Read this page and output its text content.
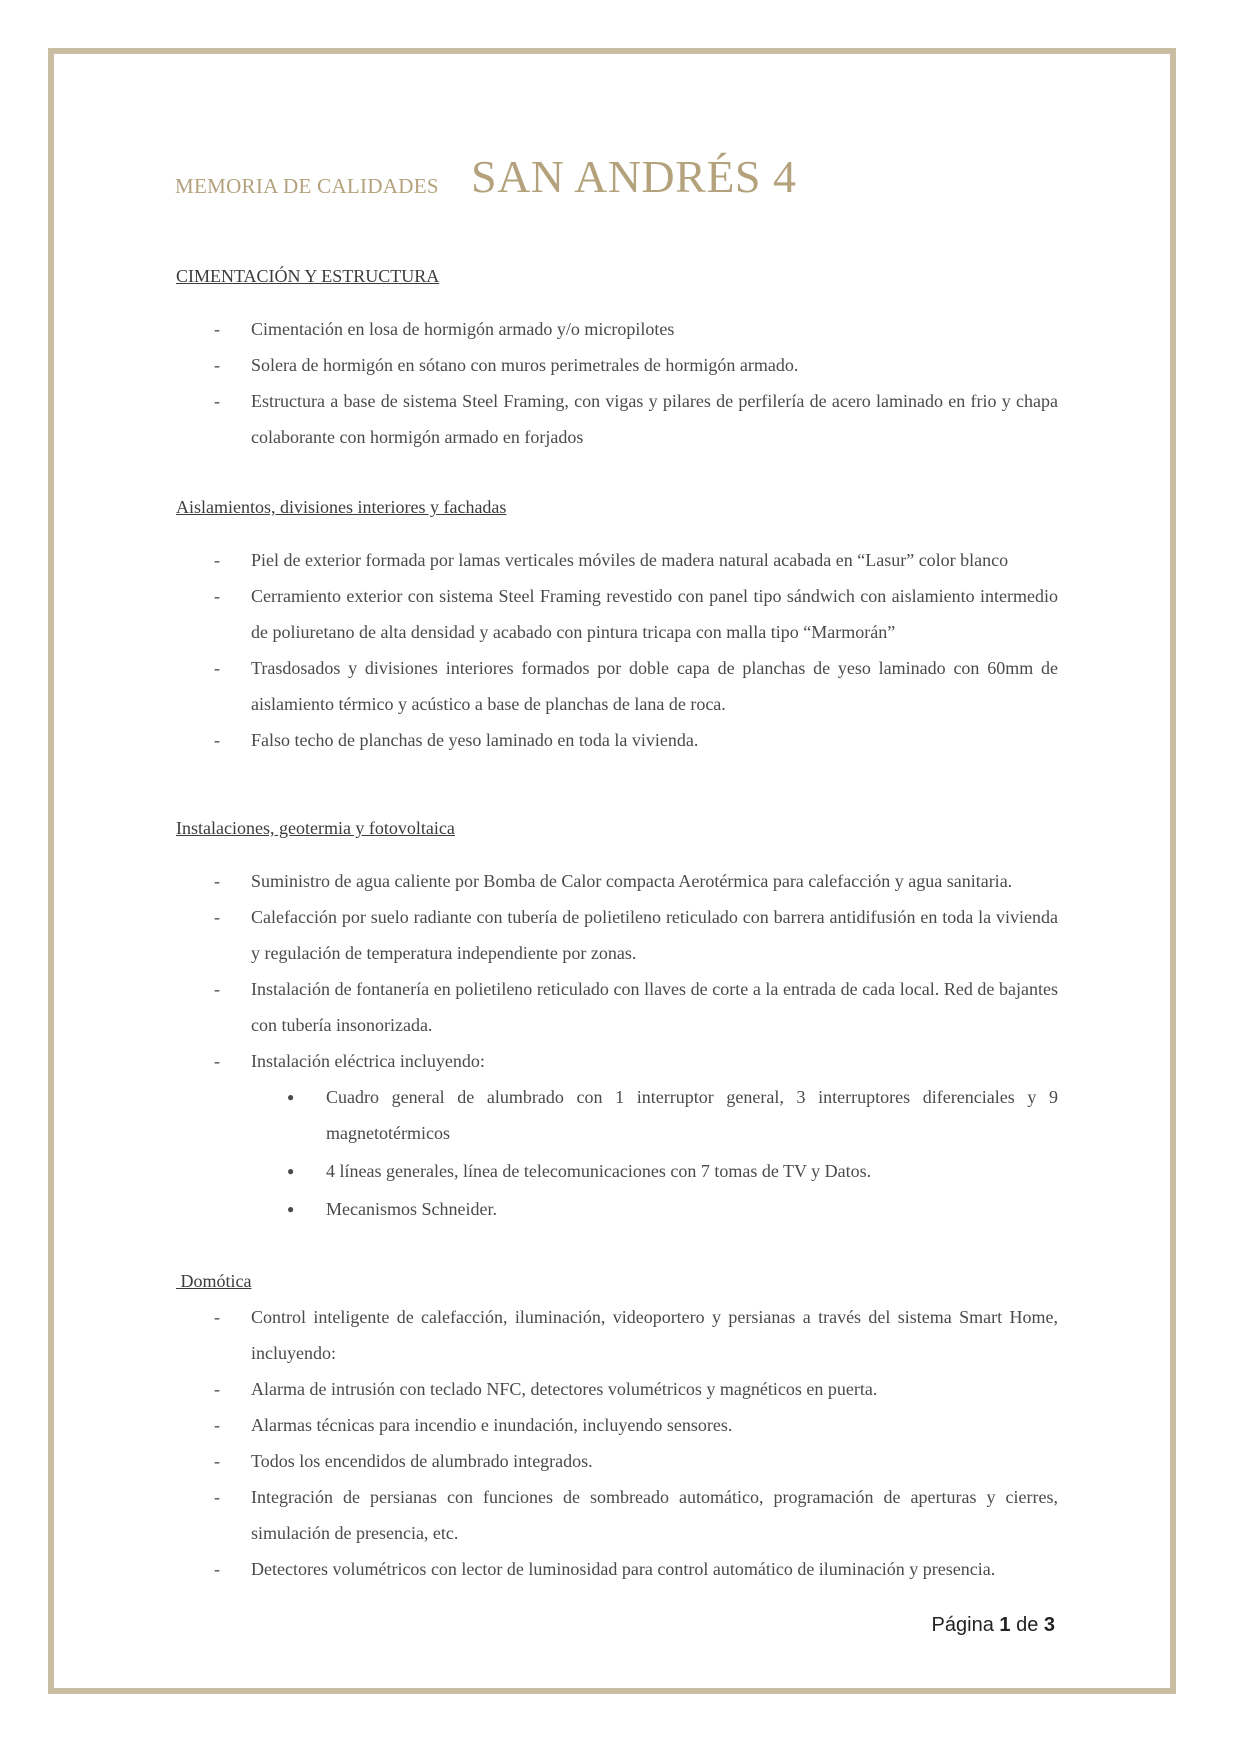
MEMORIA DE CALIDADES SAN ANDRÉS 4

CIMENTACIÓN Y ESTRUCTURA

- Cimentación en losa de hormigón armado y/o micropilotes
- Solera de hormigón en sótano con muros perimetrales de hormigón armado.
- Estructura a base de sistema Steel Framing, con vigas y pilares de perfilería de acero laminado en frio y chapa colaborante con hormigón armado en forjados

Aislamientos, divisiones interiores y fachadas

- Piel de exterior formada por lamas verticales móviles de madera natural acabada en “Lasur” color blanco
- Cerramiento exterior con sistema Steel Framing revestido con panel tipo sándwich con aislamiento intermedio de poliuretano de alta densidad y acabado con pintura tricapa con malla tipo “Marmorán”
- Trasdosados y divisiones interiores formados por doble capa de planchas de yeso laminado con 60mm de aislamiento térmico y acústico a base de planchas de lana de roca.
- Falso techo de planchas de yeso laminado en toda la vivienda.

Instalaciones, geotermia y fotovoltaica

- Suministro de agua caliente por Bomba de Calor compacta Aerotérmica para calefacción y agua sanitaria.
- Calefacción por suelo radiante con tubería de polietileno reticulado con barrera antidifusión en toda la vivienda y regulación de temperatura independiente por zonas.
- Instalación de fontanería en polietileno reticulado con llaves de corte a la entrada de cada local. Red de bajantes con tubería insonorizada.
- Instalación eléctrica incluyendo:
● Cuadro general de alumbrado con 1 interruptor general, 3 interruptores diferenciales y 9 magnetotérmicos
● 4 líneas generales, línea de telecomunicaciones con 7 tomas de TV y Datos.
● Mecanismos Schneider.

Domótica

- Control inteligente de calefacción, iluminación, videoportero y persianas a través del sistema Smart Home, incluyendo:
- Alarma de intrusión con teclado NFC, detectores volumétricos y magnéticos en puerta.
- Alarmas técnicas para incendio e inundación, incluyendo sensores.
- Todos los encendidos de alumbrado integrados.
- Integración de persianas con funciones de sombreado automático, programación de aperturas y cierres, simulación de presencia, etc.
- Detectores volumétricos con lector de luminosidad para control automático de iluminación y presencia.
Página 1 de 3
